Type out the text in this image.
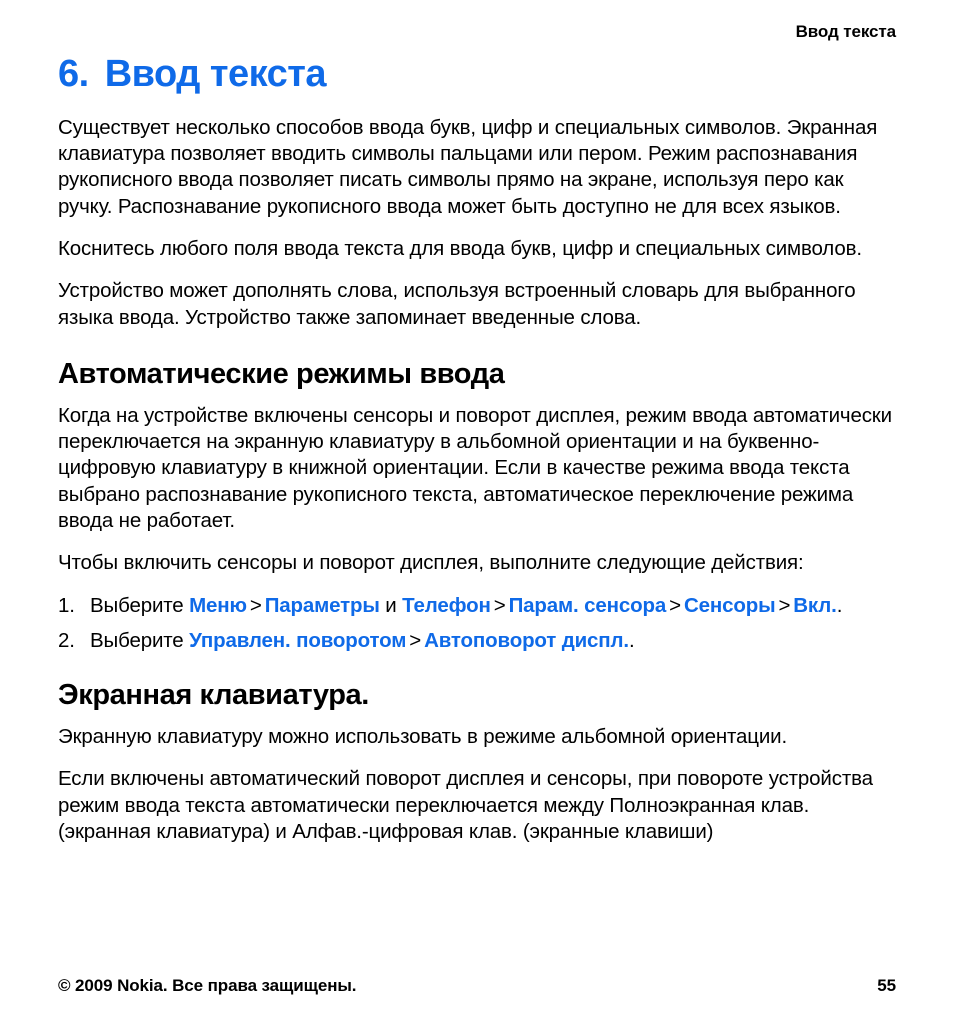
Ввод текста
6. Ввод текста

Существует несколько способов ввода букв, цифр и специальных символов. Экранная клавиатура позволяет вводить символы пальцами или пером. Режим распознавания рукописного ввода позволяет писать символы прямо на экране, используя перо как ручку. Распознавание рукописного ввода может быть доступно не для всех языков.

Коснитесь любого поля ввода текста для ввода букв, цифр и специальных символов.

Устройство может дополнять слова, используя встроенный словарь для выбранного языка ввода. Устройство также запоминает введенные слова.

Автоматические режимы ввода

Когда на устройстве включены сенсоры и поворот дисплея, режим ввода автоматически переключается на экранную клавиатуру в альбомной ориентации и на буквенно-цифровую клавиатуру в книжной ориентации. Если в качестве режима ввода текста выбрано распознавание рукописного текста, автоматическое переключение режима ввода не работает.

Чтобы включить сенсоры и поворот дисплея, выполните следующие действия:

1. Выберите Меню > Параметры и Телефон > Парам. сенсора > Сенсоры > Вкл..
2. Выберите Управлен. поворотом > Автоповорот диспл..
Экранная клавиатура.

Экранную клавиатуру можно использовать в режиме альбомной ориентации.

Если включены автоматический поворот дисплея и сенсоры, при повороте устройства режим ввода текста автоматически переключается между Полноэкранная клав. (экранная клавиатура) и Алфав.-цифровая клав. (экранные клавиши)

© 2009 Nokia. Все права защищены.	55
